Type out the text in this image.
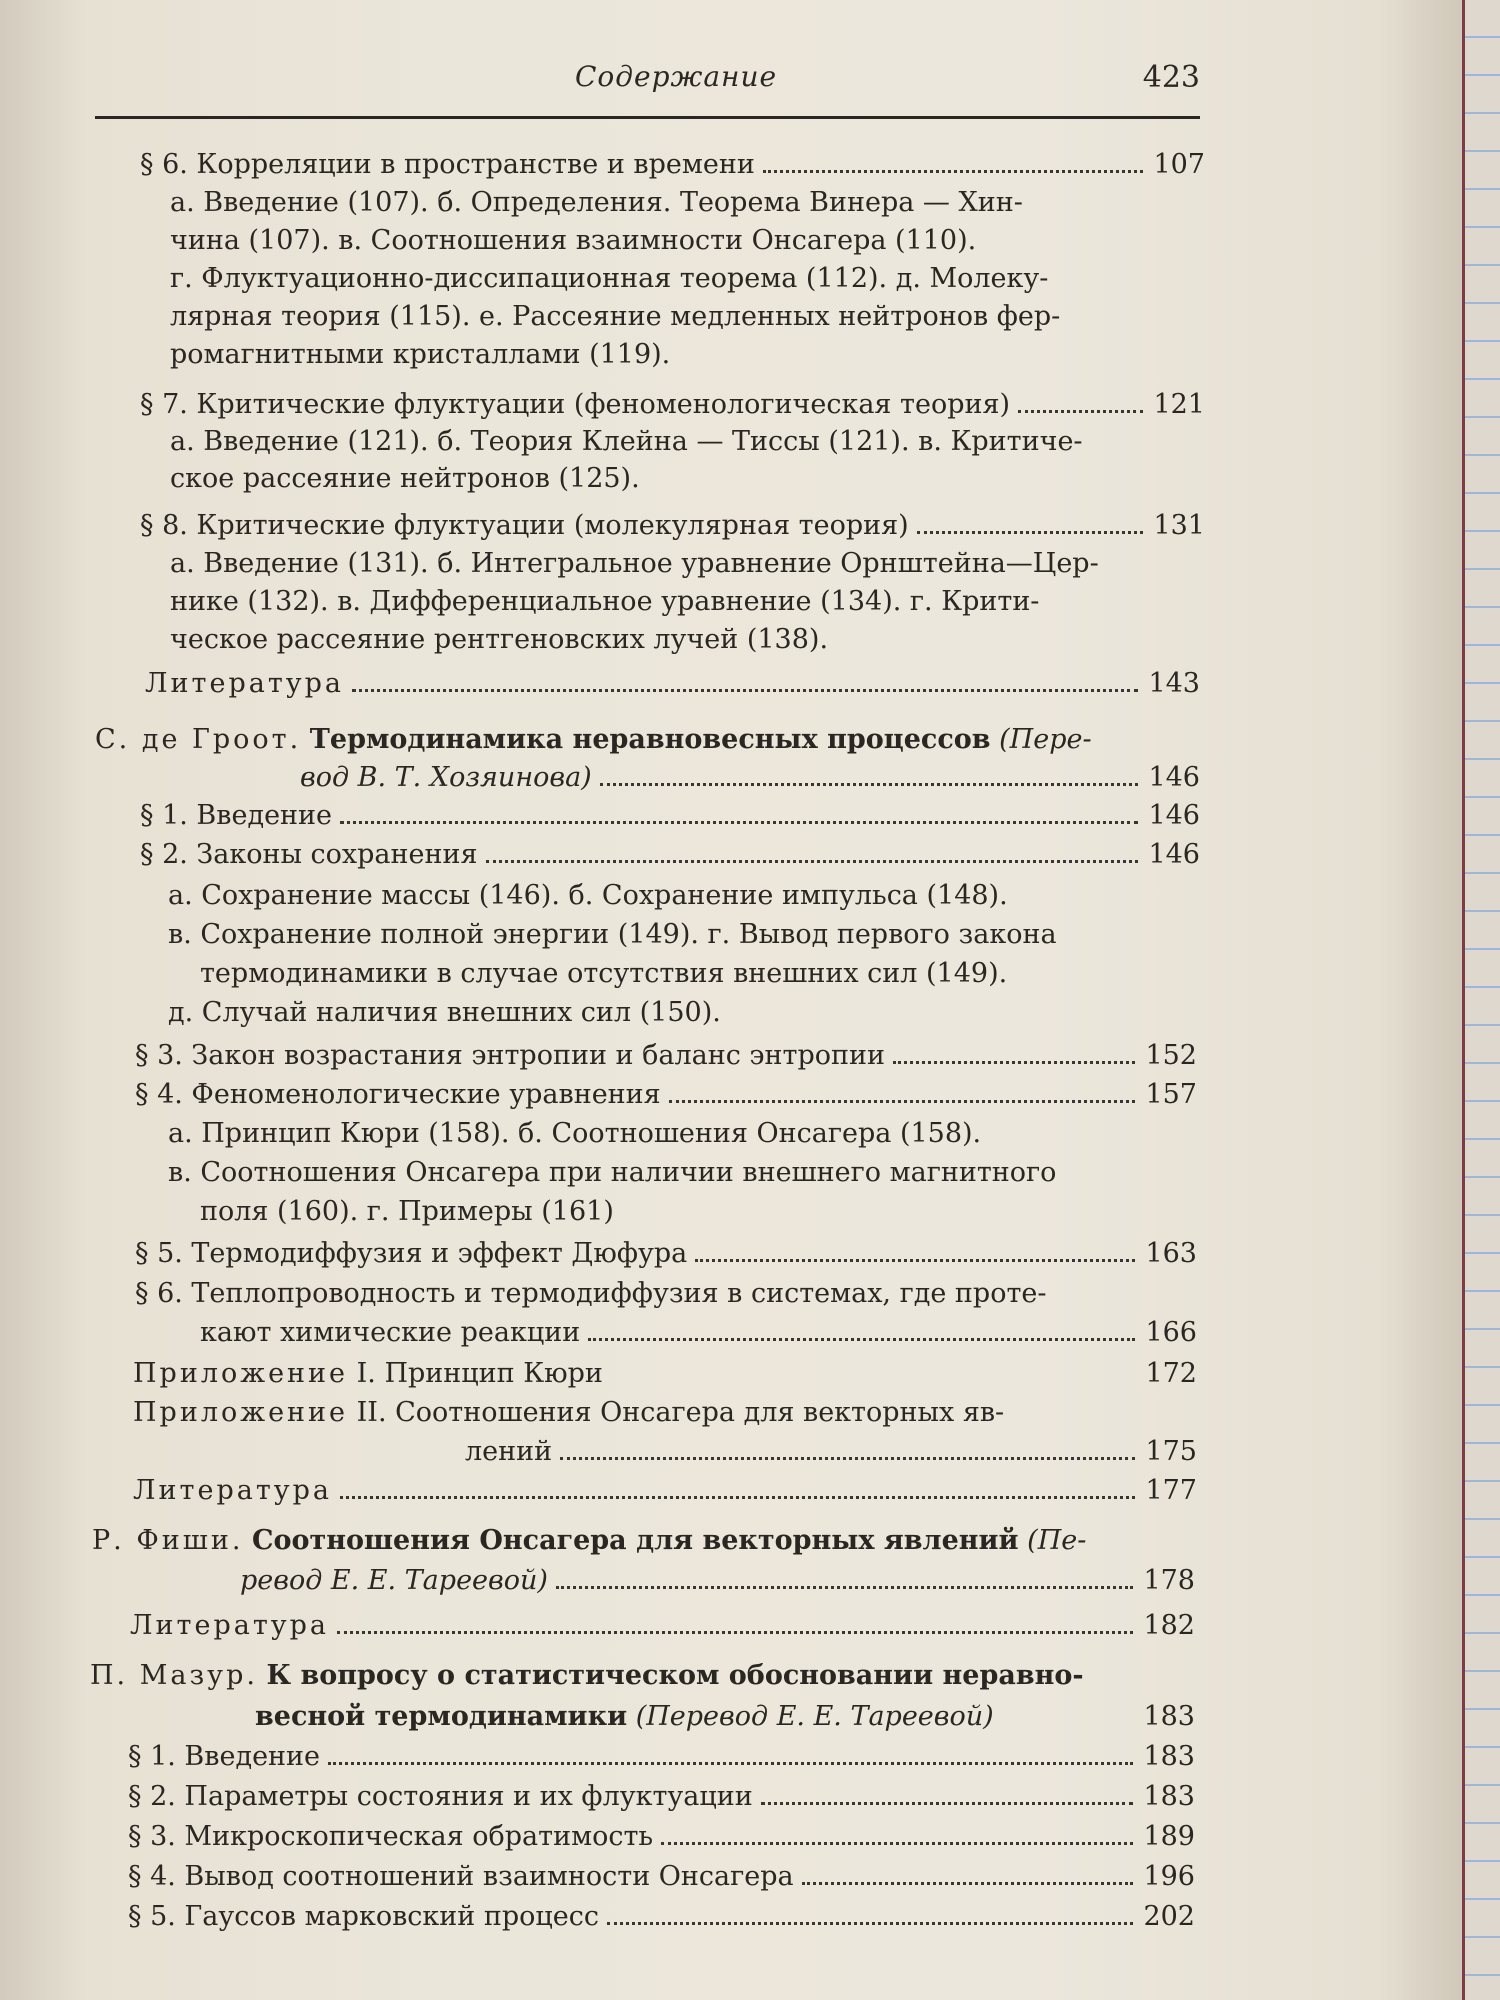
Содержание	423
§ 6. Корреляции в пространстве и времени	107
а. Введение (107). б. Определения. Теорема Винера — Хин-
чина (107). в. Соотношения взаимности Онсагера (110).
г. Флуктуационно-диссипационная теорема (112). д. Молеку-
лярная теория (115). е. Рассеяние медленных нейтронов фер-
ромагнитными кристаллами (119).
§ 7. Критические флуктуации (феноменологическая теория)	121
а. Введение (121). б. Теория Клейна — Тиссы (121). в. Критиче-
ское рассеяние нейтронов (125).
§ 8. Критические флуктуации (молекулярная теория)	131
а. Введение (131). б. Интегральное уравнение Орнштейна—Цер-
нике (132). в. Дифференциальное уравнение (134). г. Крити-
ческое рассеяние рентгеновских лучей (138).
Литература	143
С. де Гроот.
Термодинамика неравновесных процессов
(Пере-
вод В. Т. Хозяинова)	146
§ 1. Введение	146
§ 2. Законы сохранения	146
а. Сохранение массы (146). б. Сохранение импульса (148).
в. Сохранение полной энергии (149). г. Вывод первого закона
термодинамики в случае отсутствия внешних сил (149).
д. Случай наличия внешних сил (150).
§ 3. Закон возрастания энтропии и баланс энтропии	152
§ 4. Феноменологические уравнения	157
а. Принцип Кюри (158). б. Соотношения Онсагера (158).
в. Соотношения Онсагера при наличии внешнего магнитного
поля (160). г. Примеры (161)
§ 5. Термодиффузия и эффект Дюфура	163
§ 6. Теплопроводность и термодиффузия в системах, где проте-
кают химические реакции	166
Приложение I. Принцип Кюри	172
Приложение
II. Соотношения Онсагера для векторных яв-
лений	175
Литература	177
Р. Фиши.
Соотношения Онсагера для векторных явлений
(Пе-
ревод Е. Е. Тареевой)	178
Литература	182
П. Мазур.
К вопросу о статистическом обосновании неравно-
весной термодинамики (Перевод Е. Е. Тареевой)	183
§ 1. Введение	183
§ 2. Параметры состояния и их флуктуации	183
§ 3. Микроскопическая обратимость	189
§ 4. Вывод соотношений взаимности Онсагера	196
§ 5. Гауссов марковский процесс	202
